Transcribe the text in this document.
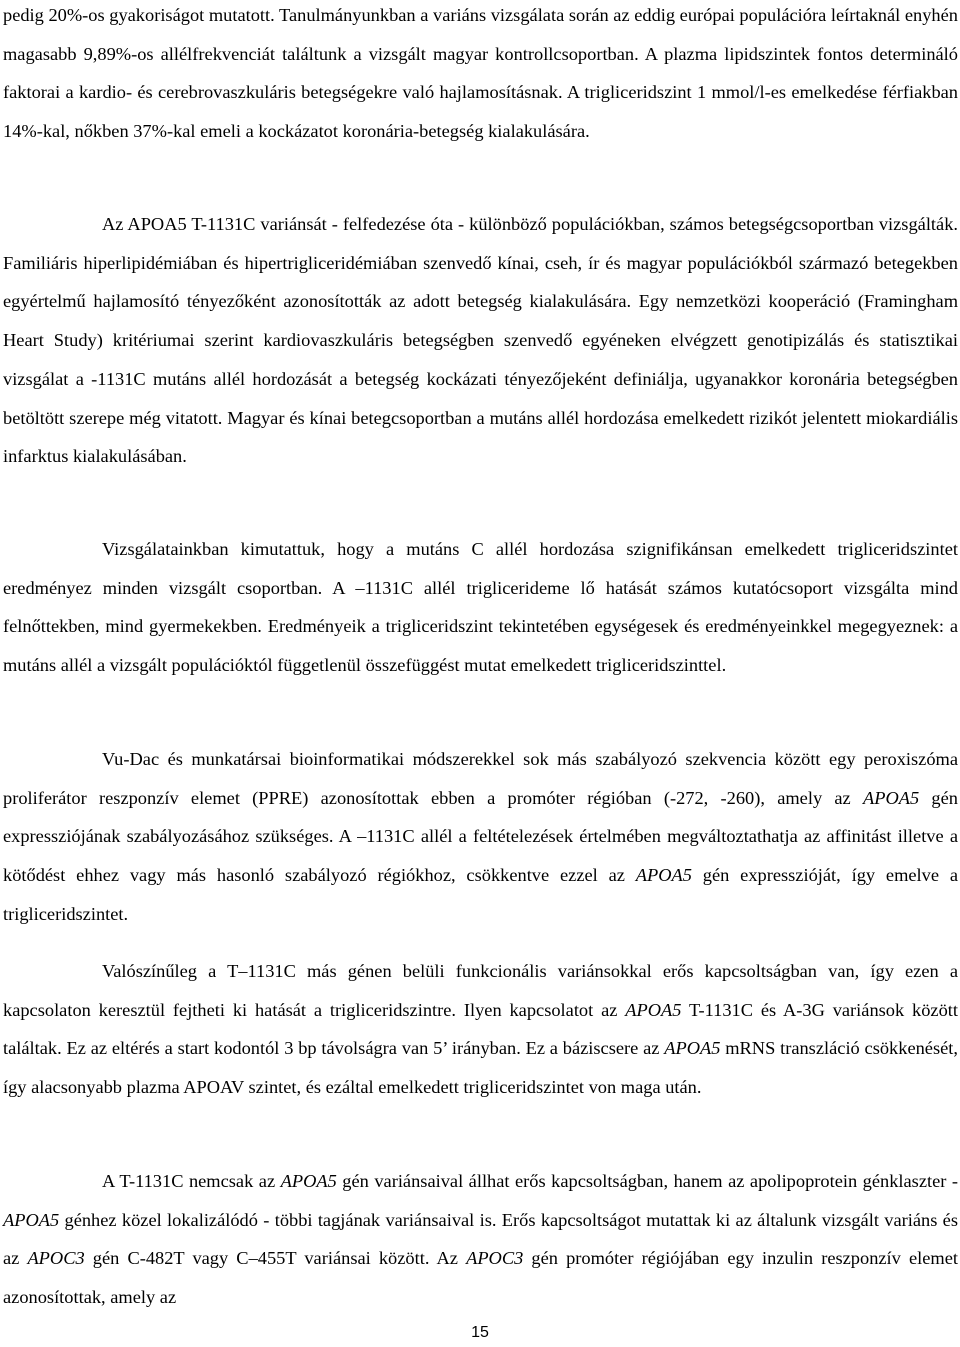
pedig 20%-os gyakoriságot mutatott. Tanulmányunkban a variáns vizsgálata során az eddig európai populációra leírtaknál enyhén magasabb 9,89%-os allélfrekvenciát találtunk a vizsgált magyar kontrollcsoportban. A plazma lipidszintek fontos determináló faktorai a kardio- és cerebrovaszkuláris betegségekre való hajlamosításnak. A trigliceridszint 1 mmol/l-es emelkedése férfiakban 14%-kal, nőkben 37%-kal emeli a kockázatot koronária-betegség kialakulására.

Az APOA5 T-1131C variánsát - felfedezése óta - különböző populációkban, számos betegségcsoportban vizsgálták. Familiáris hiperlipidémiában és hipertrigliceridémiában szenvedő kínai, cseh, ír és magyar populációkból származó betegekben egyértelmű hajlamosító tényezőként azonosították az adott betegség kialakulására. Egy nemzetközi kooperáció (Framingham Heart Study) kritériumai szerint kardiovaszkuláris betegségben szenvedő egyéneken elvégzett genotipizálás és statisztikai vizsgálat a -1131C mutáns allél hordozását a betegség kockázati tényezőjeként definiálja, ugyanakkor koronária betegségben betöltött szerepe még vitatott. Magyar és kínai betegcsoportban a mutáns allél hordozása emelkedett rizikót jelentett miokardiális infarktus kialakulásában.

Vizsgálatainkban kimutattuk, hogy a mutáns C allél hordozása szignifikánsan emelkedett trigliceridszintet eredményez minden vizsgált csoportban. A –1131C allél triglicerideme lő hatását számos kutatócsoport vizsgálta mind felnőttekben, mind gyermekekben. Eredményeik a trigliceridszint tekintetében egységesek és eredményeinkkel megegyeznek: a mutáns allél a vizsgált populációktól függetlenül összefüggést mutat emelkedett trigliceridszinttel.

Vu-Dac és munkatársai bioinformatikai módszerekkel sok más szabályozó szekvencia között egy peroxiszóma proliferátor reszponzív elemet (PPRE) azonosítottak ebben a promóter régióban (-272, -260), amely az APOA5 gén expressziójának szabályozásához szükséges. A –1131C allél a feltételezések értelmében megváltoztathatja az affinitást illetve a kötődést ehhez vagy más hasonló szabályozó régiókhoz, csökkentve ezzel az APOA5 gén expresszióját, így emelve a trigliceridszintet.

Valószínűleg a T–1131C más génen belüli funkcionális variánsokkal erős kapcsoltságban van, így ezen a kapcsolaton keresztül fejtheti ki hatását a trigliceridszintre. Ilyen kapcsolatot az APOA5 T-1131C és A-3G variánsok között találtak. Ez az eltérés a start kodontól 3 bp távolságra van 5’ irányban. Ez a báziscsere az APOA5 mRNS transzláció csökkenését, így alacsonyabb plazma APOAV szintet, és ezáltal emelkedett trigliceridszintet von maga után.

A T-1131C nemcsak az APOA5 gén variánsaival állhat erős kapcsoltságban, hanem az apolipoprotein génklaszter - APOA5 génhez közel lokalizálódó - többi tagjának variánsaival is. Erős kapcsoltságot mutattak ki az általunk vizsgált variáns és az APOC3 gén C-482T vagy C–455T variánsai között. Az APOC3 gén promóter régiójában egy inzulin reszponzív elemet azonosítottak, amely az

15
